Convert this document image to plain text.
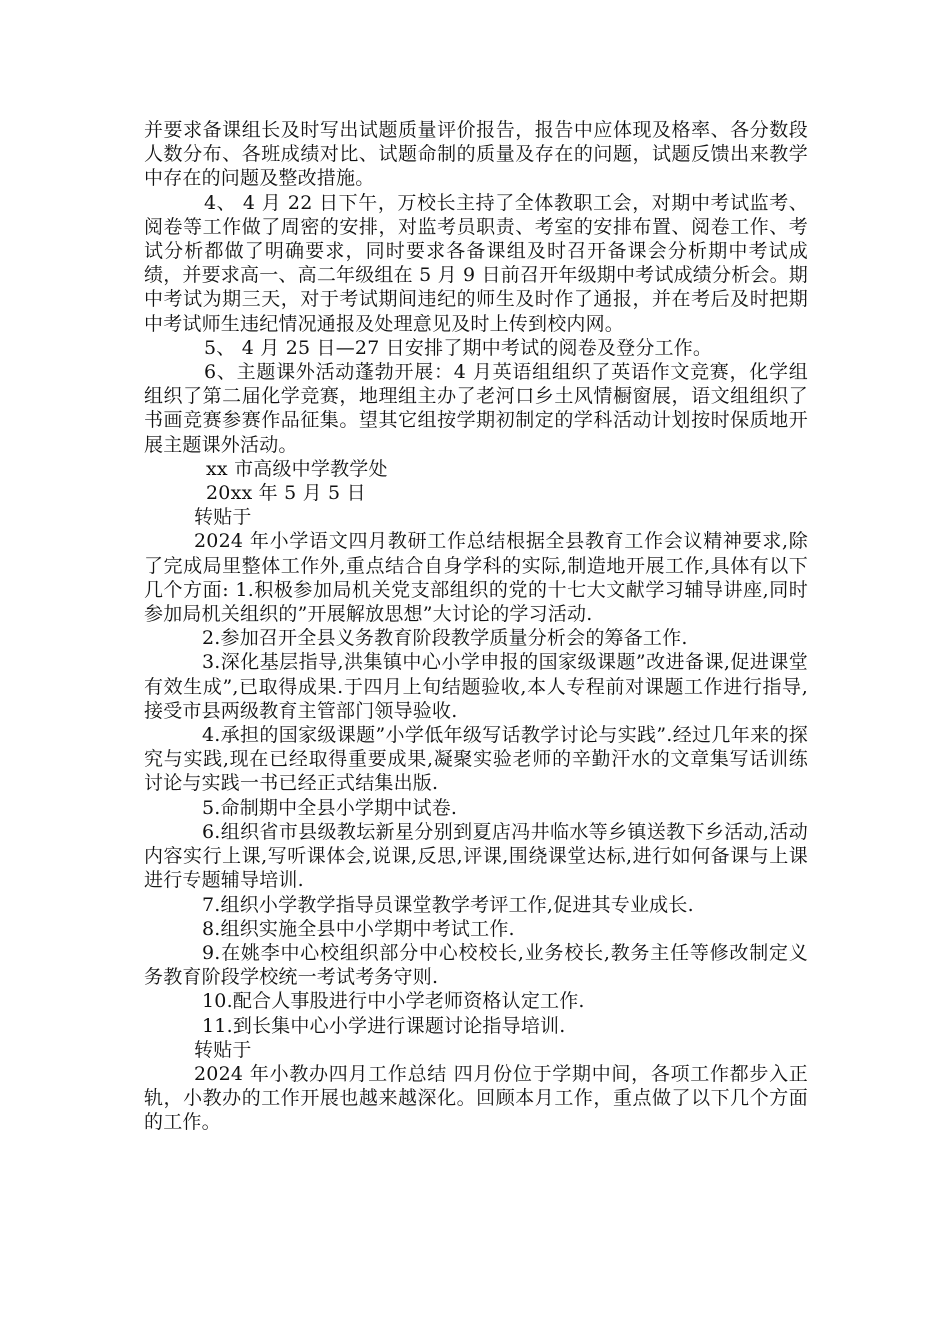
并要求备课组长及时写出试题质量评价报告，报告中应体现及格率、各分数段人数分布、各班成绩对比、试题命制的质量及存在的问题，试题反馈出来教学中存在的问题及整改措施。

4、 4 月 22 日下午，万校长主持了全体教职工会，对期中考试监考、阅卷等工作做了周密的安排，对监考员职责、考室的安排布置、阅卷工作、考试分析都做了明确要求，同时要求各备课组及时召开备课会分析期中考试成绩，并要求高一、高二年级组在 5 月 9 日前召开年级期中考试成绩分析会。期中考试为期三天，对于考试期间违纪的师生及时作了通报，并在考后及时把期中考试师生违纪情况通报及处理意见及时上传到校内网。

5、 4 月 25 日—27 日安排了期中考试的阅卷及登分工作。

6、主题课外活动蓬勃开展：4 月英语组组织了英语作文竞赛，化学组组织了第二届化学竞赛，地理组主办了老河口乡土风情橱窗展，语文组组织了书画竞赛参赛作品征集。望其它组按学期初制定的学科活动计划按时保质地开展主题课外活动。

xx 市高级中学教学处

20xx 年 5 月 5 日

转贴于

2024 年小学语文四月教研工作总结根据全县教育工作会议精神要求,除了完成局里整体工作外,重点结合自身学科的实际,制造地开展工作,具体有以下几个方面: 1.积极参加局机关党支部组织的党的十七大文献学习辅导讲座,同时参加局机关组织的”开展解放思想”大讨论的学习活动.

2.参加召开全县义务教育阶段教学质量分析会的筹备工作.

3.深化基层指导,洪集镇中心小学申报的国家级课题”改进备课,促进课堂有效生成”,已取得成果.于四月上旬结题验收,本人专程前对课题工作进行指导,接受市县两级教育主管部门领导验收.

4.承担的国家级课题”小学低年级写话教学讨论与实践”.经过几年来的探究与实践,现在已经取得重要成果,凝聚实验老师的辛勤汗水的文章集写话训练讨论与实践一书已经正式结集出版.

5.命制期中全县小学期中试卷.

6.组织省市县级教坛新星分别到夏店冯井临水等乡镇送教下乡活动,活动内容实行上课,写听课体会,说课,反思,评课,围绕课堂达标,进行如何备课与上课进行专题辅导培训.

7.组织小学教学指导员课堂教学考评工作,促进其专业成长.

8.组织实施全县中小学期中考试工作.

9.在姚李中心校组织部分中心校校长,业务校长,教务主任等修改制定义务教育阶段学校统一考试考务守则.

10.配合人事股进行中小学老师资格认定工作.

11.到长集中心小学进行课题讨论指导培训.

转贴于

2024 年小教办四月工作总结 四月份位于学期中间，各项工作都步入正轨，小教办的工作开展也越来越深化。回顾本月工作，重点做了以下几个方面的工作。
